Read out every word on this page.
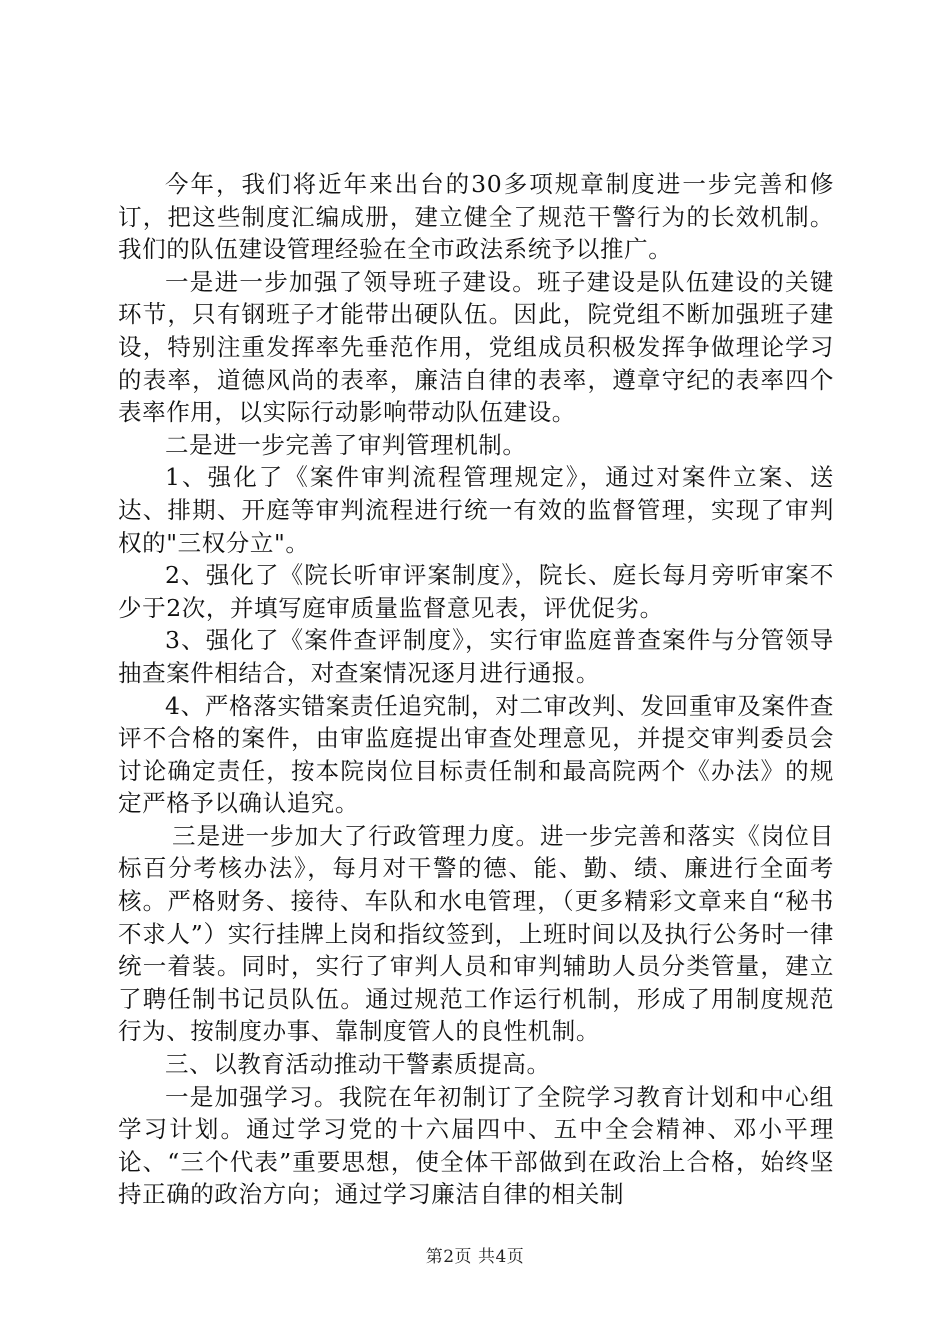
今年，我们将近年来出台的30多项规章制度进一步完善和修订，把这些制度汇编成册，建立健全了规范干警行为的长效机制。我们的队伍建设管理经验在全市政法系统予以推广。

一是进一步加强了领导班子建设。班子建设是队伍建设的关键环节，只有钢班子才能带出硬队伍。因此，院党组不断加强班子建设，特别注重发挥率先垂范作用，党组成员积极发挥争做理论学习的表率，道德风尚的表率，廉洁自律的表率，遵章守纪的表率四个表率作用，以实际行动影响带动队伍建设。

二是进一步完善了审判管理机制。

1、强化了《案件审判流程管理规定》，通过对案件立案、送达、排期、开庭等审判流程进行统一有效的监督管理，实现了审判权的"三权分立"。

2、强化了《院长听审评案制度》，院长、庭长每月旁听审案不少于2次，并填写庭审质量监督意见表，评优促劣。

3、强化了《案件查评制度》，实行审监庭普查案件与分管领导抽查案件相结合，对查案情况逐月进行通报。

4、严格落实错案责任追究制，对二审改判、发回重审及案件查评不合格的案件，由审监庭提出审查处理意见，并提交审判委员会讨论确定责任，按本院岗位目标责任制和最高院两个《办法》的规定严格予以确认追究。

三是进一步加大了行政管理力度。进一步完善和落实《岗位目标百分考核办法》，每月对干警的德、能、勤、绩、廉进行全面考核。严格财务、接待、车队和水电管理，（更多精彩文章来自“秘书不求人”）实行挂牌上岗和指纹签到，上班时间以及执行公务时一律统一着装。同时，实行了审判人员和审判辅助人员分类管量，建立了聘任制书记员队伍。通过规范工作运行机制，形成了用制度规范行为、按制度办事、靠制度管人的良性机制。

三、以教育活动推动干警素质提高。

一是加强学习。我院在年初制订了全院学习教育计划和中心组学习计划。通过学习党的十六届四中、五中全会精神、邓小平理论、“三个代表”重要思想，使全体干部做到在政治上合格，始终坚持正确的政治方向；通过学习廉洁自律的相关制

第2页 共4页
